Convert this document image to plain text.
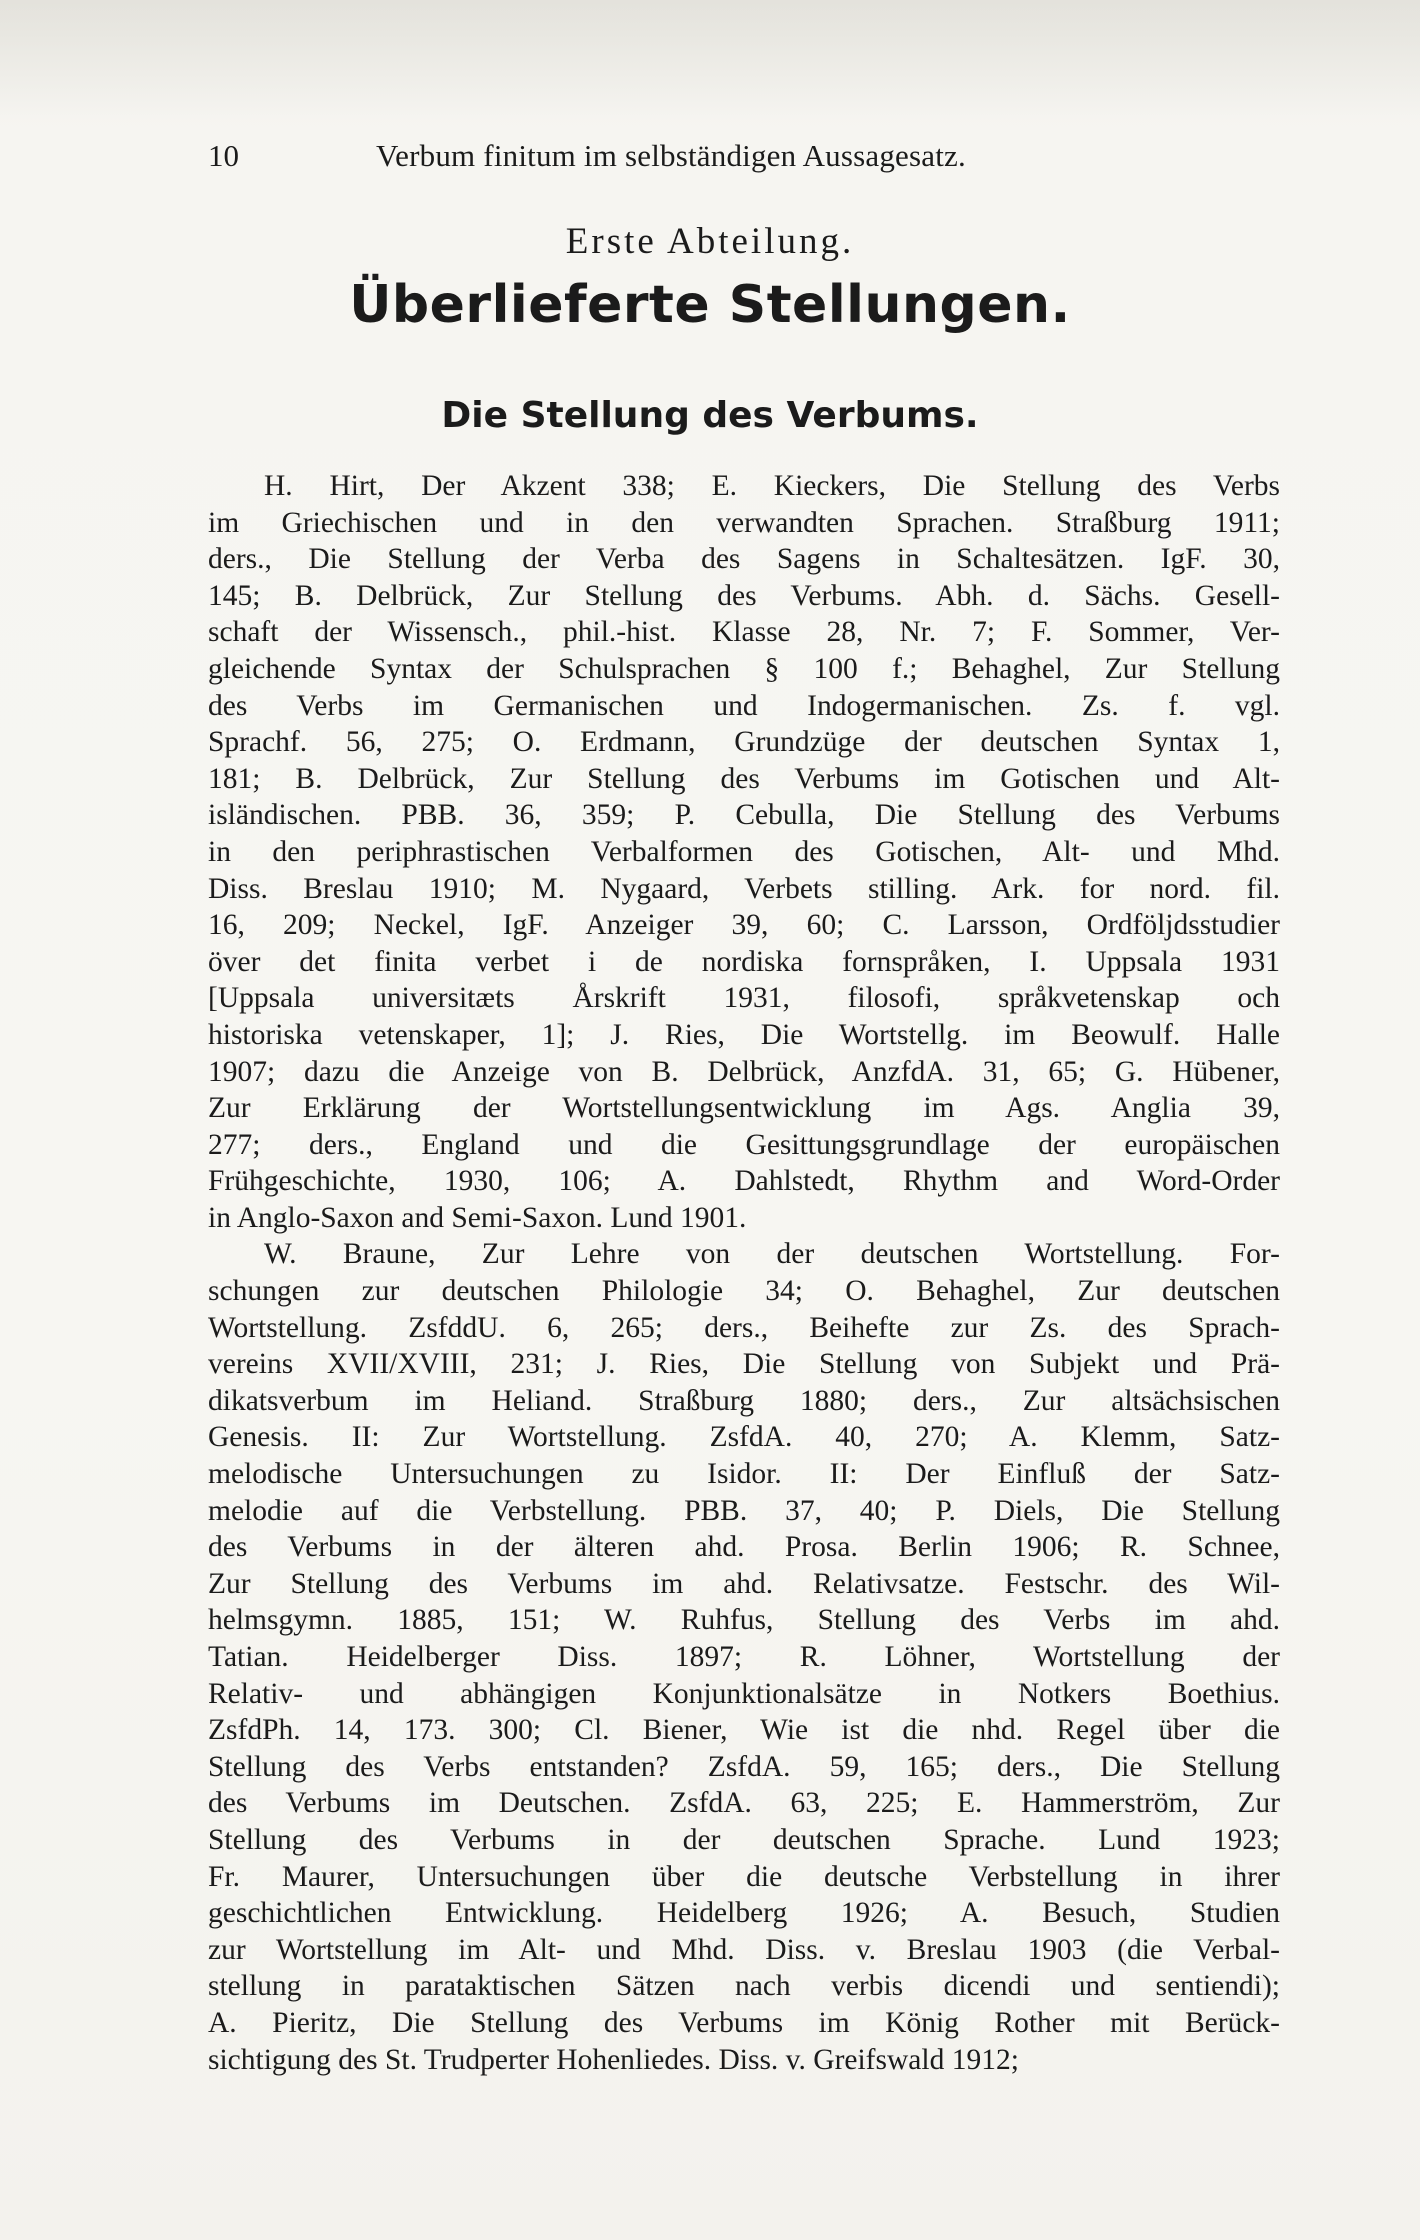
10	Verbum finitum im selbständigen Aussagesatz.
Erste Abteilung.
Überlieferte Stellungen.
Die Stellung des Verbums.
H. Hirt, Der Akzent 338; E. Kieckers, Die Stellung des Verbs
im Griechischen und in den verwandten Sprachen. Straßburg 1911;
ders., Die Stellung der Verba des Sagens in Schaltesätzen. IgF. 30,
145; B. Delbrück, Zur Stellung des Verbums. Abh. d. Sächs. Gesell-
schaft der Wissensch., phil.-hist. Klasse 28, Nr. 7; F. Sommer, Ver-
gleichende Syntax der Schulsprachen § 100 f.; Behaghel, Zur Stellung
des Verbs im Germanischen und Indogermanischen. Zs. f. vgl.
Sprachf. 56, 275; O. Erdmann, Grundzüge der deutschen Syntax 1,
181; B. Delbrück, Zur Stellung des Verbums im Gotischen und Alt-
isländischen. PBB. 36, 359; P. Cebulla, Die Stellung des Verbums
in den periphrastischen Verbalformen des Gotischen, Alt- und Mhd.
Diss. Breslau 1910; M. Nygaard, Verbets stilling. Ark. for nord. fil.
16, 209; Neckel, IgF. Anzeiger 39, 60; C. Larsson, Ordföljdsstudier
över det finita verbet i de nordiska fornspråken, I. Uppsala 1931
[Uppsala universitæts Årskrift 1931, filosofi, språkvetenskap och
historiska vetenskaper, 1]; J. Ries, Die Wortstellg. im Beowulf. Halle
1907; dazu die Anzeige von B. Delbrück, AnzfdA. 31, 65; G. Hübener,
Zur Erklärung der Wortstellungsentwicklung im Ags. Anglia 39,
277; ders., England und die Gesittungsgrundlage der europäischen
Frühgeschichte, 1930, 106; A. Dahlstedt, Rhythm and Word-Order
in Anglo-Saxon and Semi-Saxon. Lund 1901.
W. Braune, Zur Lehre von der deutschen Wortstellung. For-
schungen zur deutschen Philologie 34; O. Behaghel, Zur deutschen
Wortstellung. ZsfddU. 6, 265; ders., Beihefte zur Zs. des Sprach-
vereins XVII/XVIII, 231; J. Ries, Die Stellung von Subjekt und Prä-
dikatsverbum im Heliand. Straßburg 1880; ders., Zur altsächsischen
Genesis. II: Zur Wortstellung. ZsfdA. 40, 270; A. Klemm, Satz-
melodische Untersuchungen zu Isidor. II: Der Einfluß der Satz-
melodie auf die Verbstellung. PBB. 37, 40; P. Diels, Die Stellung
des Verbums in der älteren ahd. Prosa. Berlin 1906; R. Schnee,
Zur Stellung des Verbums im ahd. Relativsatze. Festschr. des Wil-
helmsgymn. 1885, 151; W. Ruhfus, Stellung des Verbs im ahd.
Tatian. Heidelberger Diss. 1897; R. Löhner, Wortstellung der
Relativ- und abhängigen Konjunktionalsätze in Notkers Boethius.
ZsfdPh. 14, 173. 300; Cl. Biener, Wie ist die nhd. Regel über die
Stellung des Verbs entstanden? ZsfdA. 59, 165; ders., Die Stellung
des Verbums im Deutschen. ZsfdA. 63, 225; E. Hammerström, Zur
Stellung des Verbums in der deutschen Sprache. Lund 1923;
Fr. Maurer, Untersuchungen über die deutsche Verbstellung in ihrer
geschichtlichen Entwicklung. Heidelberg 1926; A. Besuch, Studien
zur Wortstellung im Alt- und Mhd. Diss. v. Breslau 1903 (die Verbal-
stellung in parataktischen Sätzen nach verbis dicendi und sentiendi);
A. Pieritz, Die Stellung des Verbums im König Rother mit Berück-
sichtigung des St. Trudperter Hohenliedes. Diss. v. Greifswald 1912;
